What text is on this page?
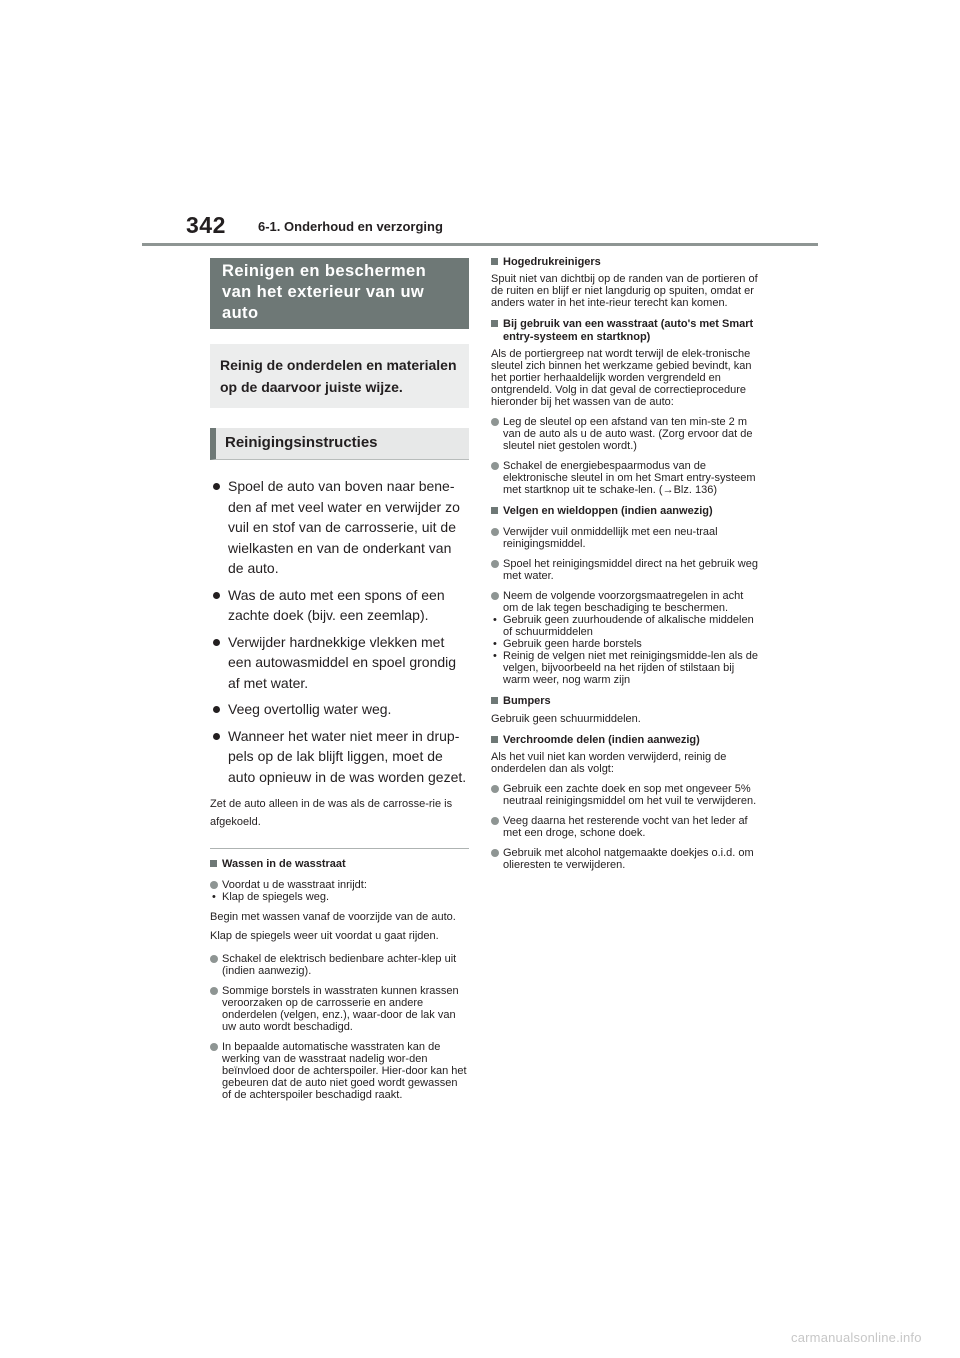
342 6-1. Onderhoud en verzorging
Reinigen en beschermen van het exterieur van uw auto
Reinig de onderdelen en materialen op de daarvoor juiste wijze.
Reinigingsinstructies
Spoel de auto van boven naar bene-den af met veel water en verwijder zo vuil en stof van de carrosserie, uit de wielkasten en van de onderkant van de auto.
Was de auto met een spons of een zachte doek (bijv. een zeemlap).
Verwijder hardnekkige vlekken met een autowasmiddel en spoel grondig af met water.
Veeg overtollig water weg.
Wanneer het water niet meer in drup-pels op de lak blijft liggen, moet de auto opnieuw in de was worden gezet.
Zet de auto alleen in de was als de carrosse-rie is afgekoeld.
Wassen in de wasstraat
Voordat u de wasstraat inrijdt:
• Klap de spiegels weg.
Begin met wassen vanaf de voorzijde van de auto. Klap de spiegels weer uit voordat u gaat rijden.
Schakel de elektrisch bedienbare achter-klep uit (indien aanwezig).
Sommige borstels in wasstraten kunnen krassen veroorzaken op de carrosserie en andere onderdelen (velgen, enz.), waar-door de lak van uw auto wordt beschadigd.
In bepaalde automatische wasstraten kan de werking van de wasstraat nadelig wor-den beïnvloed door de achterspoiler. Hier-door kan het gebeuren dat de auto niet goed wordt gewassen of de achterspoiler beschadigd raakt.
Hogedrukreinigers
Spuit niet van dichtbij op de randen van de portieren of de ruiten en blijf er niet langdurig op spuiten, omdat er anders water in het inte-rieur terecht kan komen.
Bij gebruik van een wasstraat (auto's met Smart entry-systeem en startknop)
Als de portiergreep nat wordt terwijl de elek-tronische sleutel zich binnen het werkzame gebied bevindt, kan het portier herhaaldelijk worden vergrendeld en ontgrendeld. Volg in dat geval de correctieprocedure hieronder bij het wassen van de auto:
Leg de sleutel op een afstand van ten min-ste 2 m van de auto als u de auto wast. (Zorg ervoor dat de sleutel niet gestolen wordt.)
Schakel de energiebespaarmodus van de elektronische sleutel in om het Smart entry-systeem met startknop uit te schake-len. (→Blz. 136)
Velgen en wieldoppen (indien aanwezig)
Verwijder vuil onmiddellijk met een neu-traal reinigingsmiddel.
Spoel het reinigingsmiddel direct na het gebruik weg met water.
Neem de volgende voorzorgsmaatregelen in acht om de lak tegen beschadiging te beschermen.
• Gebruik geen zuurhoudende of alkalische middelen of schuurmiddelen
• Gebruik geen harde borstels
• Reinig de velgen niet met reinigingsmidde-len als de velgen, bijvoorbeeld na het rijden of stilstaan bij warm weer, nog warm zijn
Bumpers
Gebruik geen schuurmiddelen.
Verchroomde delen (indien aanwezig)
Als het vuil niet kan worden verwijderd, reinig de onderdelen dan als volgt:
Gebruik een zachte doek en sop met ongeveer 5% neutraal reinigingsmiddel om het vuil te verwijderen.
Veeg daarna het resterende vocht van het leder af met een droge, schone doek.
Gebruik met alcohol natgemaakte doekjes o.i.d. om olieresten te verwijderen.
carmanualsonline.info
